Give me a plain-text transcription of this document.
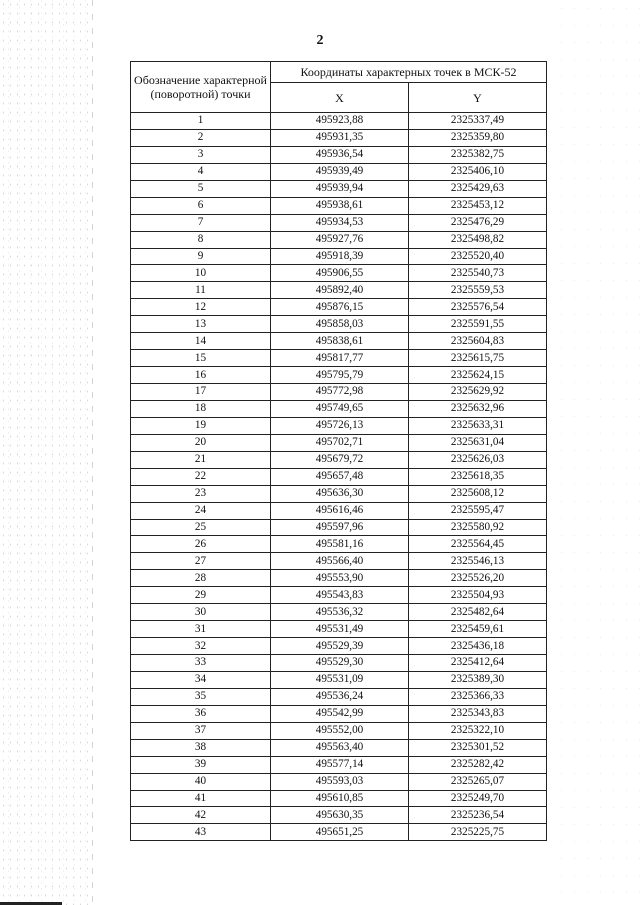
2
Обозначение характерной (поворотной) точки	Координаты характерных точек в МСК-52	
	X	Y
1	495923,88	2325337,49
2	495931,35	2325359,80
3	495936,54	2325382,75
4	495939,49	2325406,10
5	495939,94	2325429,63
6	495938,61	2325453,12
7	495934,53	2325476,29
8	495927,76	2325498,82
9	495918,39	2325520,40
10	495906,55	2325540,73
11	495892,40	2325559,53
12	495876,15	2325576,54
13	495858,03	2325591,55
14	495838,61	2325604,83
15	495817,77	2325615,75
16	495795,79	2325624,15
17	495772,98	2325629,92
18	495749,65	2325632,96
19	495726,13	2325633,31
20	495702,71	2325631,04
21	495679,72	2325626,03
22	495657,48	2325618,35
23	495636,30	2325608,12
24	495616,46	2325595,47
25	495597,96	2325580,92
26	495581,16	2325564,45
27	495566,40	2325546,13
28	495553,90	2325526,20
29	495543,83	2325504,93
30	495536,32	2325482,64
31	495531,49	2325459,61
32	495529,39	2325436,18
33	495529,30	2325412,64
34	495531,09	2325389,30
35	495536,24	2325366,33
36	495542,99	2325343,83
37	495552,00	2325322,10
38	495563,40	2325301,52
39	495577,14	2325282,42
40	495593,03	2325265,07
41	495610,85	2325249,70
42	495630,35	2325236,54
43	495651,25	2325225,75
